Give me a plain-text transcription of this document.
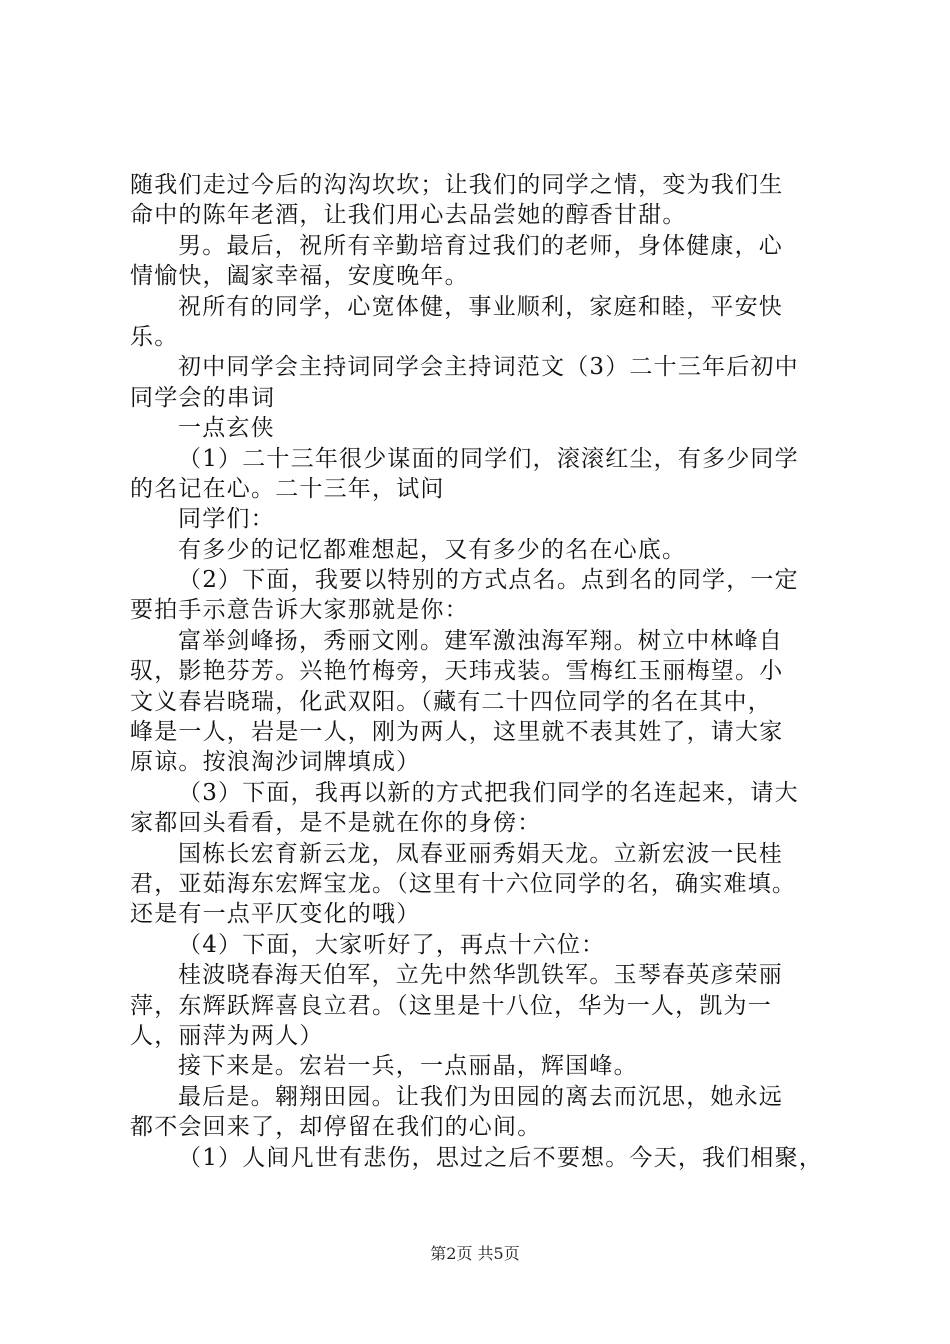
随我们走过今后的沟沟坎坎；让我们的同学之情，变为我们生
命中的陈年老酒，让我们用心去品尝她的醇香甘甜。
男。最后，祝所有辛勤培育过我们的老师，身体健康，心
情愉快，阖家幸福，安度晚年。
祝所有的同学，心宽体健，事业顺利，家庭和睦，平安快
乐。
初中同学会主持词同学会主持词范文（3）二十三年后初中
同学会的串词
一点玄侠
（1）二十三年很少谋面的同学们，滚滚红尘，有多少同学
的名记在心。二十三年，试问
同学们：
有多少的记忆都难想起，又有多少的名在心底。
（2）下面，我要以特别的方式点名。点到名的同学，一定
要拍手示意告诉大家那就是你：
富举剑峰扬，秀丽文刚。建军激浊海军翔。树立中林峰自
驭，影艳芬芳。兴艳竹梅旁，天玮戎装。雪梅红玉丽梅望。小
文义春岩晓瑞，化武双阳。（藏有二十四位同学的名在其中，
峰是一人，岩是一人，刚为两人，这里就不表其姓了，请大家
原谅。按浪淘沙词牌填成）
（3）下面，我再以新的方式把我们同学的名连起来，请大
家都回头看看，是不是就在你的身傍：
国栋长宏育新云龙，凤春亚丽秀娟天龙。立新宏波一民桂
君，亚茹海东宏辉宝龙。（这里有十六位同学的名，确实难填。
还是有一点平仄变化的哦）
（4）下面，大家听好了，再点十六位：
桂波晓春海天伯军，立先中然华凯铁军。玉琴春英彦荣丽
萍，东辉跃辉喜良立君。（这里是十八位，华为一人，凯为一
人，丽萍为两人）
接下来是。宏岩一兵，一点丽晶，辉国峰。
最后是。翱翔田园。让我们为田园的离去而沉思，她永远
都不会回来了，却停留在我们的心间。
（1）人间凡世有悲伤，思过之后不要想。今天，我们相聚，
第2页 共5页
